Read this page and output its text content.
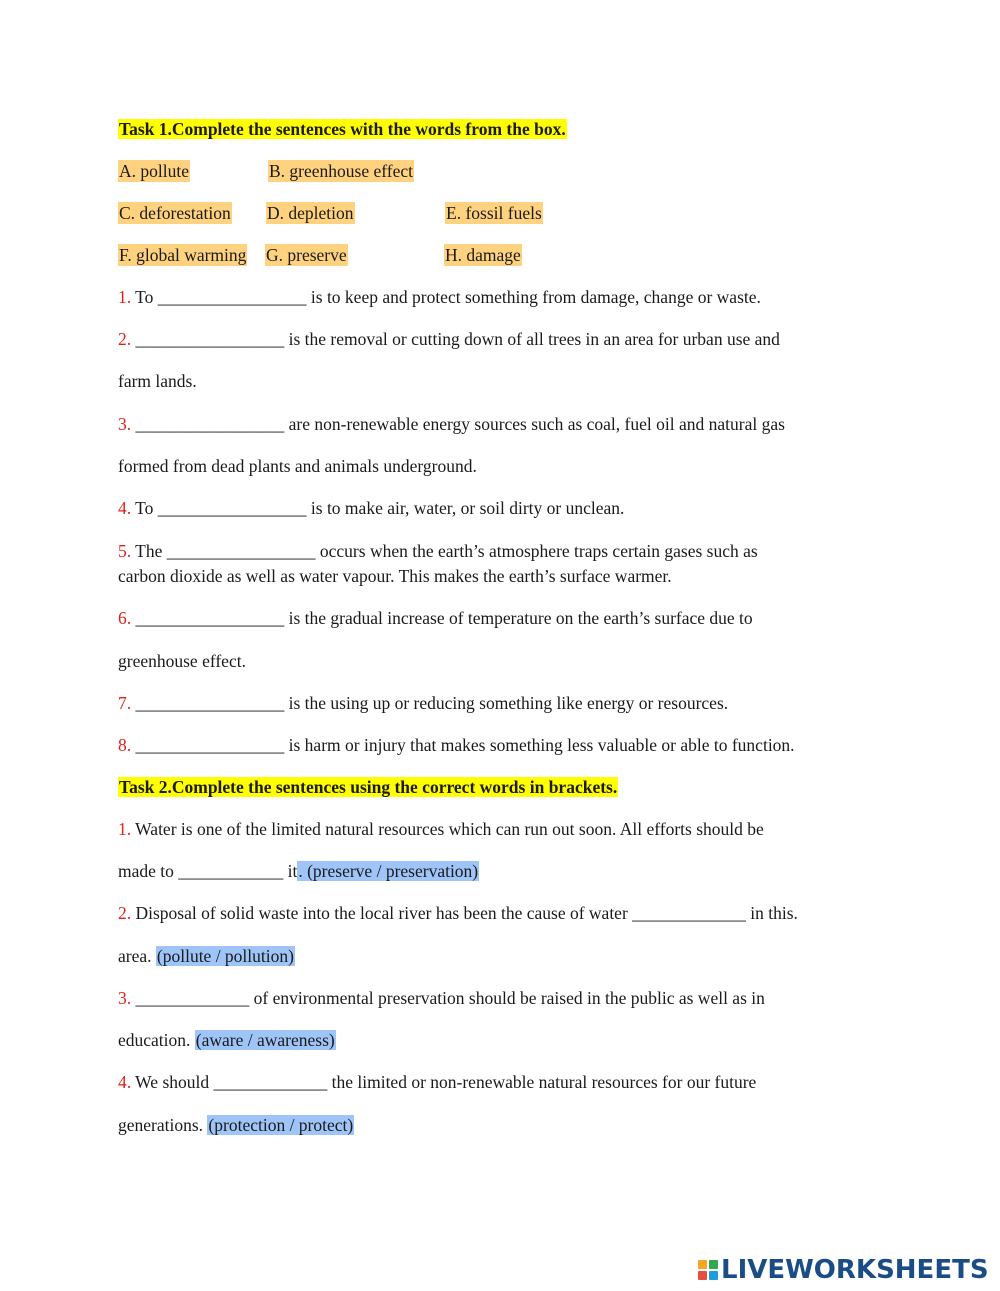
Task 1.Complete the sentences with the words from the box.
A. pollute	B. greenhouse effect
C. deforestation D. depletion	E. fossil fuels
F. global warming G. preserve	H. damage
1. To _________________ is to keep and protect something from damage, change or waste.
2. _________________ is the removal or cutting down of all trees in an area for urban use and
farm lands.
3. _________________ are non-renewable energy sources such as coal, fuel oil and natural gas
formed from dead plants and animals underground.
4. To _________________ is to make air, water, or soil dirty or unclean.
5. The _________________ occurs when the earth’s atmosphere traps certain gases such as
carbon dioxide as well as water vapour. This makes the earth’s surface warmer.
6. _________________ is the gradual increase of temperature on the earth’s surface due to
greenhouse effect.
7. _________________ is the using up or reducing something like energy or resources.
8. _________________ is harm or injury that makes something less valuable or able to function.
Task 2.Complete the sentences using the correct words in brackets.
1. Water is one of the limited natural resources which can run out soon. All efforts should be
made to ____________ it. (preserve / preservation)
2. Disposal of solid waste into the local river has been the cause of water _____________ in this.
area. (pollute / pollution)
3. _____________ of environmental preservation should be raised in the public as well as in
education. (aware / awareness)
4. We should _____________ the limited or non-renewable natural resources for our future
generations. (protection / protect)
LIVEWORKSHEETS
